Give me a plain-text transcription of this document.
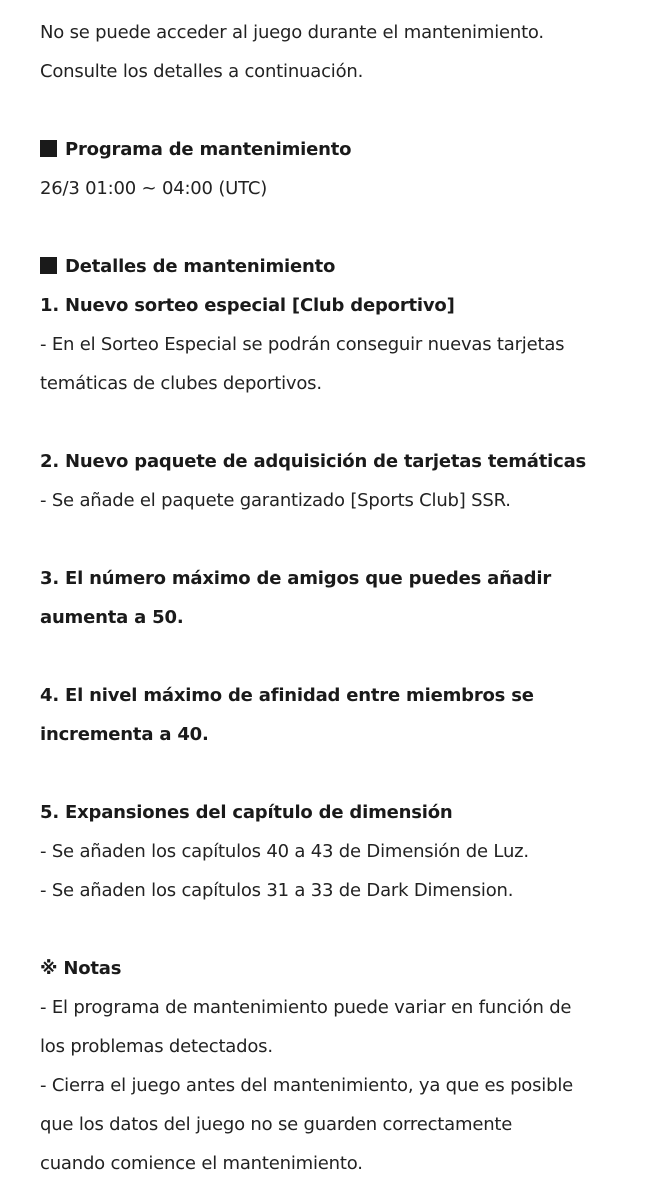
No se puede acceder al juego durante el mantenimiento.
Consulte los detalles a continuación.
Programa de mantenimiento
26/3 01:00 ~ 04:00 (UTC)
Detalles de mantenimiento
1. Nuevo sorteo especial [Club deportivo]
- En el Sorteo Especial se podrán conseguir nuevas tarjetas
temáticas de clubes deportivos.
2. Nuevo paquete de adquisición de tarjetas temáticas
- Se añade el paquete garantizado [Sports Club] SSR.
3. El número máximo de amigos que puedes añadir
aumenta a 50.
4. El nivel máximo de afinidad entre miembros se
incrementa a 40.
5. Expansiones del capítulo de dimensión
- Se añaden los capítulos 40 a 43 de Dimensión de Luz.
- Se añaden los capítulos 31 a 33 de Dark Dimension.
※ Notas
- El programa de mantenimiento puede variar en función de
los problemas detectados.
- Cierra el juego antes del mantenimiento, ya que es posible
que los datos del juego no se guarden correctamente
cuando comience el mantenimiento.
